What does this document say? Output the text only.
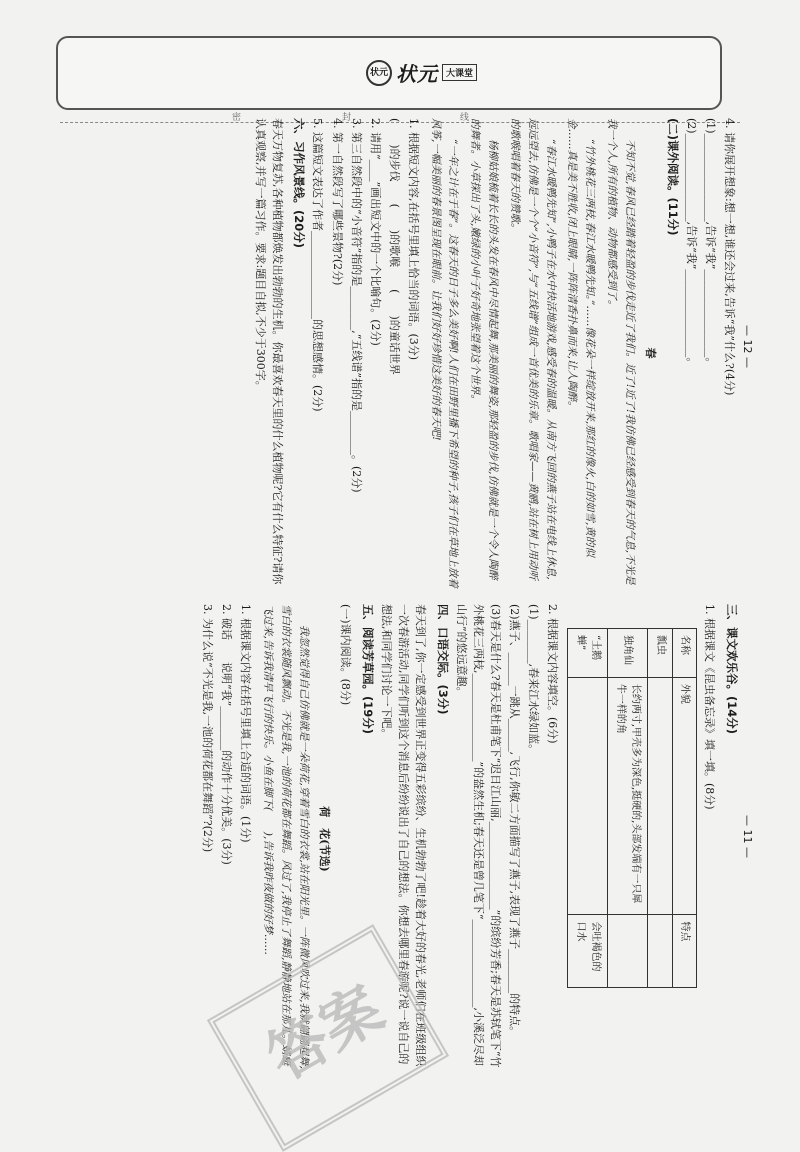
状元 状元 大课堂
密	封	线	4. 请你展开想象:想一想,谁还会过来,告诉“我”什么?(4分)

(1)________________,告诉“我”________________。

(2)________________,告诉“我”________________。

(二)课外阅读。(11分)

春

不知不觉,春风已经踏着轻盈的步伐走近了我们。近了!近了!我仿佛已经感受到春天的气息,不光是我一个人,所有的植物、动物都感受到了。

“竹外桃花三两枝,春江水暖鸭先知。”……像花朵一样绽放开来,那红的像火,白的如雪,黄的似金……真是美不胜收,闭上眼睛,一阵阵清香扑鼻而来,让人陶醉。

“春江水暖鸭先知”,小鸭子在水中快活地游戏,感受春的温暖。从南方飞回的燕子站在电线上休息,远远望去,仿佛是一个个“小音符”,与“五线谱”组成一首优美的乐章。歌唱家——黄鹂,站在树上用动听的歌喉唱着春天的赞歌。

杨柳姑娘梳着长长的头发在春风中尽情起舞,那美丽的舞姿,那轻盈的步伐,仿佛就是一个令人陶醉的舞者。小草探出了头,嫩绿的小叶子好奇地张望着这个世界。

“一年之计在于春”。这春天的日子多么美好啊!人们在田野里播下希望的种子,孩子们在草地上放着风筝,一幅美丽的春景图呈现在眼前。让我们好好珍惜这美好的春天吧!

1. 根据短文内容,在括号里填上恰当的词语。(3分)

(　　)的步伐　　(　　)的歌喉　　(　　)的童话世界

2. 请用“____”画出短文中的一个比喻句。(2分)

3. 第三自然段中的“小音符”指的是________,“五线谱”指的是________。(2分)

4. 第一自然段写了哪些景物?(2分)

5. 这篇短文表达了作者________________的思想感情。(2分)

六、习作风景线。(20分)

春天万物复苏,各种植物都焕发出勃勃的生机。你最喜欢春天里的什么植物呢?它有什么特征?请你认真观察,并写一篇习作。要求:题目自拟,不少于300字。

三、课文欢乐谷。(14分)

1. 根据课文《昆虫备忘录》填一填。(8分)

名称	外貌	特点
瓢虫		
独角仙	长约两寸,甲壳多为深色,挺硬的,头部发端有一只犀牛一样的角	
“土鹅蝉”		会吐褐色的口水

2. 根据课文内容填空。(6分)

(1)________,春来江水绿如蓝。

(2)燕子、______一跳从______,飞行,你敏二方面描写了燕子,表现了燕子________的特点。

(3)春天是什么?春天是杜甫笔下“迟日江山丽,________________”的缤纷芳香;春天是苏轼笔下“竹外桃花三两枝,________________”的盎然生机;春天还是曾几笔下“________________,小溪泛尽却山行”的悠远意趣。

四、口语交际。(3分)

春天到了,你一定感受到世界正变得五彩缤纷、生机勃勃了吧!趁着大好的春光,老师们在班级组织一次春游活动,同学们听到这个消息后纷纷说出了自己的想法。你想去哪里春游呢?说一说自己的想法,和同学们讨论一下吧。

五、阅读芳草园。(19分)

(一)课内阅读。(8分)

荷　花(节选)

我忽然觉得自己仿佛就是一朵荷花,穿着雪白的衣裳,站在阳光里。一阵微风吹过来,我就翩翩起舞,雪白的衣裳随风飘动。不光是我,一池的荷花都在舞蹈。风过了,我停止了舞蹈,静静地站在那儿。蜻蜓飞过来,告诉我清早飞行的快乐。小鱼在脚下(　　),告诉我昨夜做的好梦……

1. 根据课文内容在括号里填上合适的词语。(1分)

2. 破话　　说明“我”________的动作十分优美。(3分)

3. 为什么说“不光是我,一池的荷花都在舞蹈”?(2分)

— 12 —
— 11 —
答案
